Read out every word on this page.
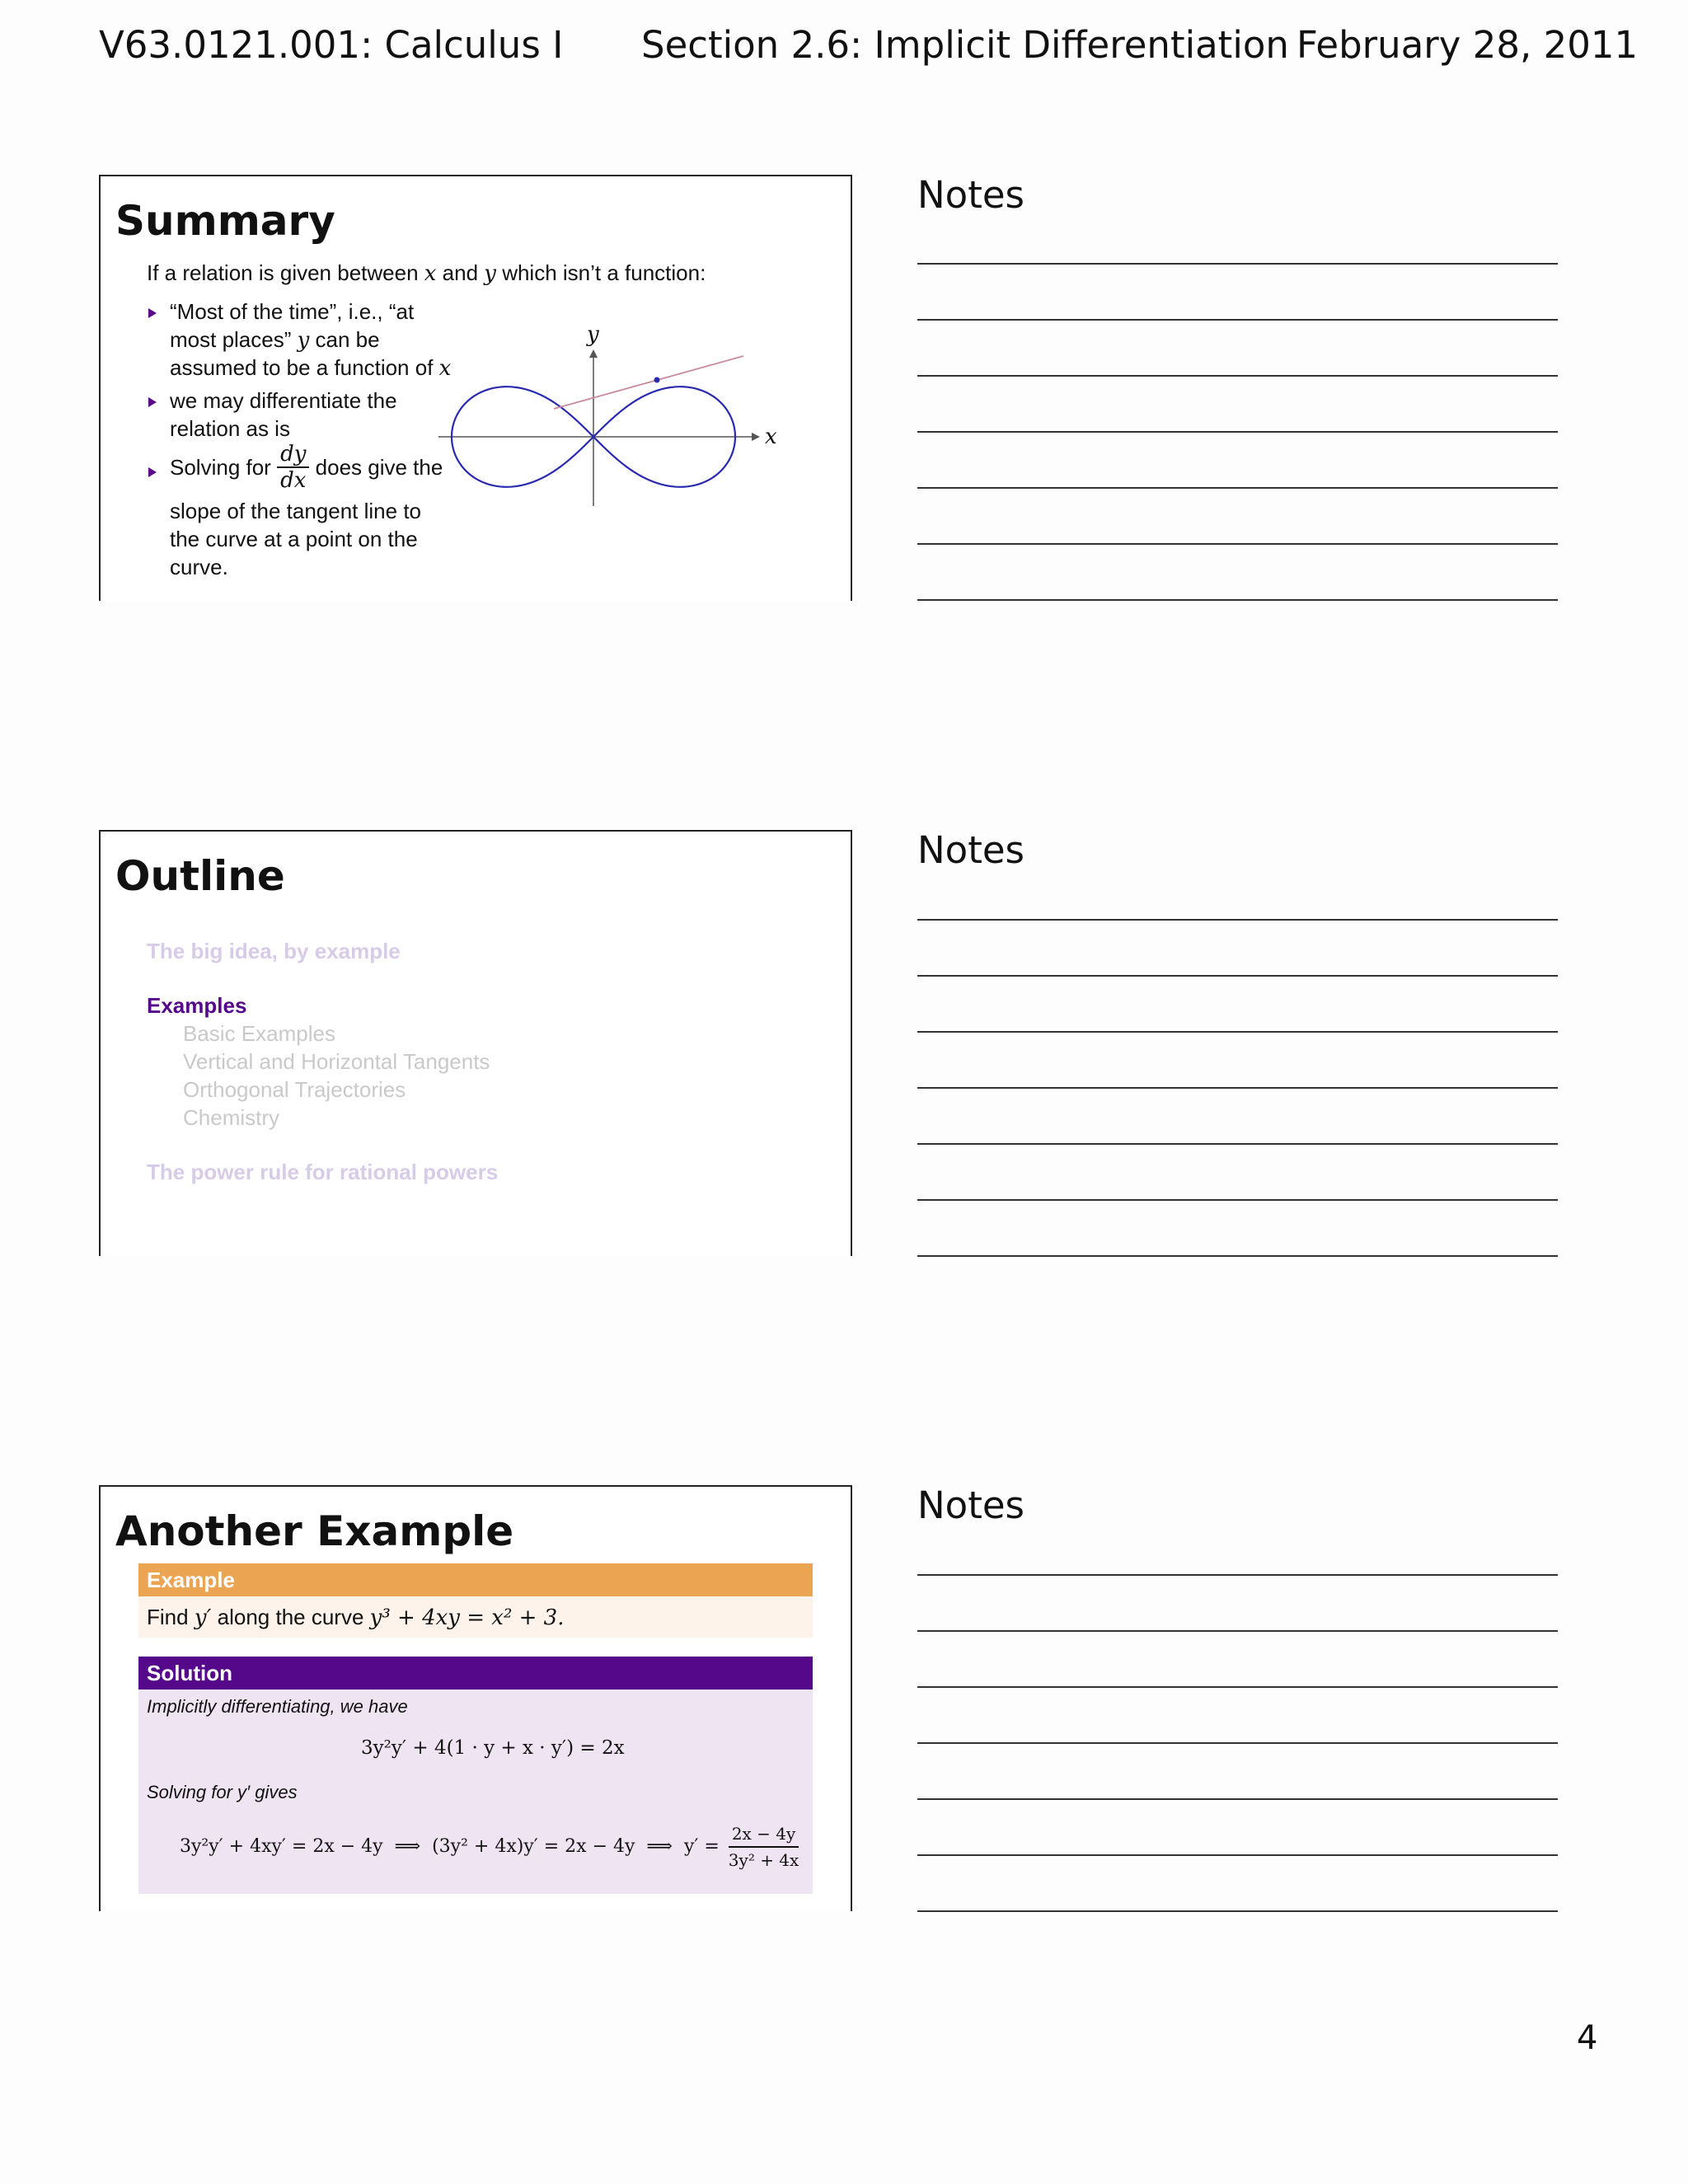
V63.0121.001: Calculus I Section 2.6: Implicit Differentiation February 28, 2011
Summary
If a relation is given between x and y which isn’t a function:
“Most of the time”, i.e., “at
most places” y can be
assumed to be a function of x
we may differentiate the
relation as is
Solving for $\frac{dy}{dx}$ does give the
slope of the tangent line to
the curve at a point on the
curve.
x
y
Notes
Outline
The big idea, by example
Examples
Basic Examples
Vertical and Horizontal Tangents
Orthogonal Trajectories
Chemistry
The power rule for rational powers
Notes
Another Example
Example
Find y′ along the curve y³ + 4xy = x² + 3.
Solution
Implicitly differentiating, we have
3y²y′ + 4(1 · y + x · y′) = 2x
Solving for y′ gives
3y²y′ + 4xy′ = 2x − 4y  ⟹  (3y² + 4x)y′ = 2x − 4y  ⟹  $y' = \frac{2x - 4y}{\text{3y² + 4x}}$
Notes
4
